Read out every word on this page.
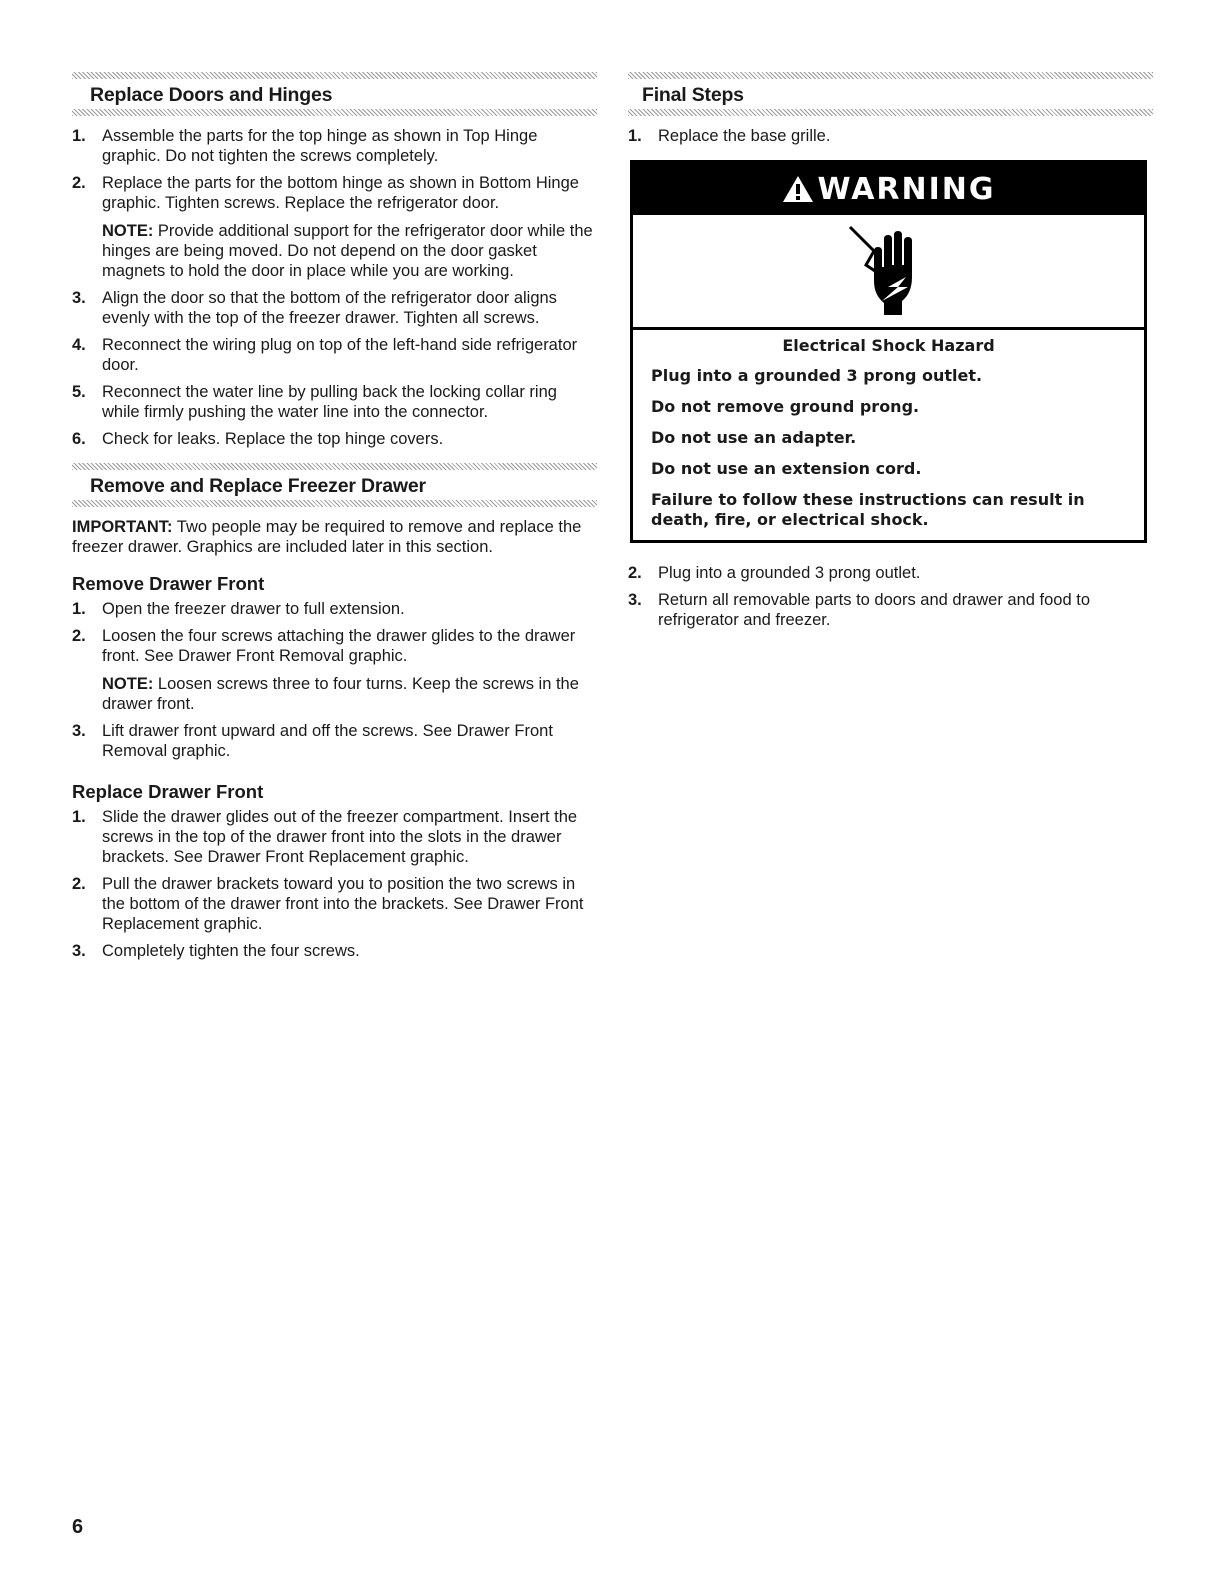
Replace Doors and Hinges
1. Assemble the parts for the top hinge as shown in Top Hinge graphic. Do not tighten the screws completely.
2. Replace the parts for the bottom hinge as shown in Bottom Hinge graphic. Tighten screws. Replace the refrigerator door.
NOTE: Provide additional support for the refrigerator door while the hinges are being moved. Do not depend on the door gasket magnets to hold the door in place while you are working.
3. Align the door so that the bottom of the refrigerator door aligns evenly with the top of the freezer drawer. Tighten all screws.
4. Reconnect the wiring plug on top of the left-hand side refrigerator door.
5. Reconnect the water line by pulling back the locking collar ring while firmly pushing the water line into the connector.
6. Check for leaks. Replace the top hinge covers.
Remove and Replace Freezer Drawer

IMPORTANT: Two people may be required to remove and replace the freezer drawer. Graphics are included later in this section.

Remove Drawer Front
1. Open the freezer drawer to full extension.
2. Loosen the four screws attaching the drawer glides to the drawer front. See Drawer Front Removal graphic.
NOTE: Loosen screws three to four turns. Keep the screws in the drawer front.
3. Lift drawer front upward and off the screws. See Drawer Front Removal graphic.
Replace Drawer Front
1. Slide the drawer glides out of the freezer compartment. Insert the screws in the top of the drawer front into the slots in the drawer brackets. See Drawer Front Replacement graphic.
2. Pull the drawer brackets toward you to position the two screws in the bottom of the drawer front into the brackets. See Drawer Front Replacement graphic.
3. Completely tighten the four screws.
Final Steps
1. Replace the base grille.
WARNING
Electrical Shock Hazard
Plug into a grounded 3 prong outlet.
Do not remove ground prong.
Do not use an adapter.
Do not use an extension cord.
Failure to follow these instructions can result in death, fire, or electrical shock.
2. Plug into a grounded 3 prong outlet.
3. Return all removable parts to doors and drawer and food to refrigerator and freezer.
6
